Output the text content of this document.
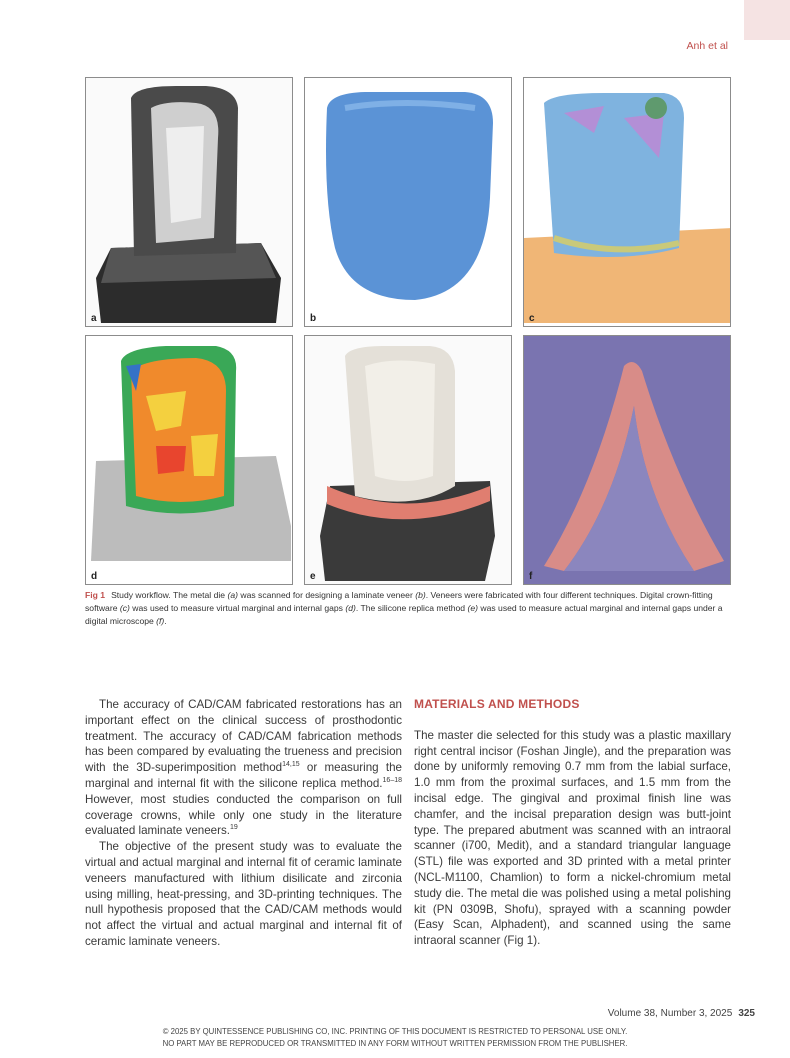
Anh et al
a	b	c
d	e	f
Fig 1 Study workflow. The metal die (a) was scanned for designing a laminate veneer (b). Veneers were fabricated with four different techniques. Digital crown-fitting software (c) was used to measure virtual marginal and internal gaps (d). The silicone replica method (e) was used to measure actual marginal and internal gaps under a digital microscope (f).

The accuracy of CAD/CAM fabricated restorations has an important effect on the clinical success of prosthodontic treatment. The accuracy of CAD/CAM fabrication methods has been compared by evaluating the trueness and precision with the 3D-superimposition method$^{14,15}$ or measuring the marginal and internal fit with the silicone replica method.$^{16-18}$ However, most studies conducted the comparison on full coverage crowns, while only one study in the literature evaluated laminate veneers.$^{19}$

The objective of the present study was to evaluate the virtual and actual marginal and internal fit of ceramic laminate veneers manufactured with lithium disilicate and zirconia using milling, heat-pressing, and 3D-printing techniques. The null hypothesis proposed that the CAD/CAM methods would not affect the virtual and actual marginal and internal fit of ceramic laminate veneers.

MATERIALS AND METHODS

The master die selected for this study was a plastic maxillary right central incisor (Foshan Jingle), and the preparation was done by uniformly removing 0.7 mm from the labial surface, 1.0 mm from the proximal surfaces, and 1.5 mm from the incisal edge. The gingival and proximal finish line was chamfer, and the incisal preparation design was butt-joint type. The prepared abutment was scanned with an intraoral scanner (i700, Medit), and a standard triangular language (STL) file was exported and 3D printed with a metal printer (NCL-M1100, Chamlion) to form a nickel-chromium metal study die. The metal die was polished using a metal polishing kit (PN 0309B, Shofu), sprayed with a scanning powder (Easy Scan, Alphadent), and scanned using the same intraoral scanner (Fig 1).

Volume 38, Number 3, 2025 325
© 2025 BY QUINTESSENCE PUBLISHING CO, INC. PRINTING OF THIS DOCUMENT IS RESTRICTED TO PERSONAL USE ONLY.
NO PART MAY BE REPRODUCED OR TRANSMITTED IN ANY FORM WITHOUT WRITTEN PERMISSION FROM THE PUBLISHER.
